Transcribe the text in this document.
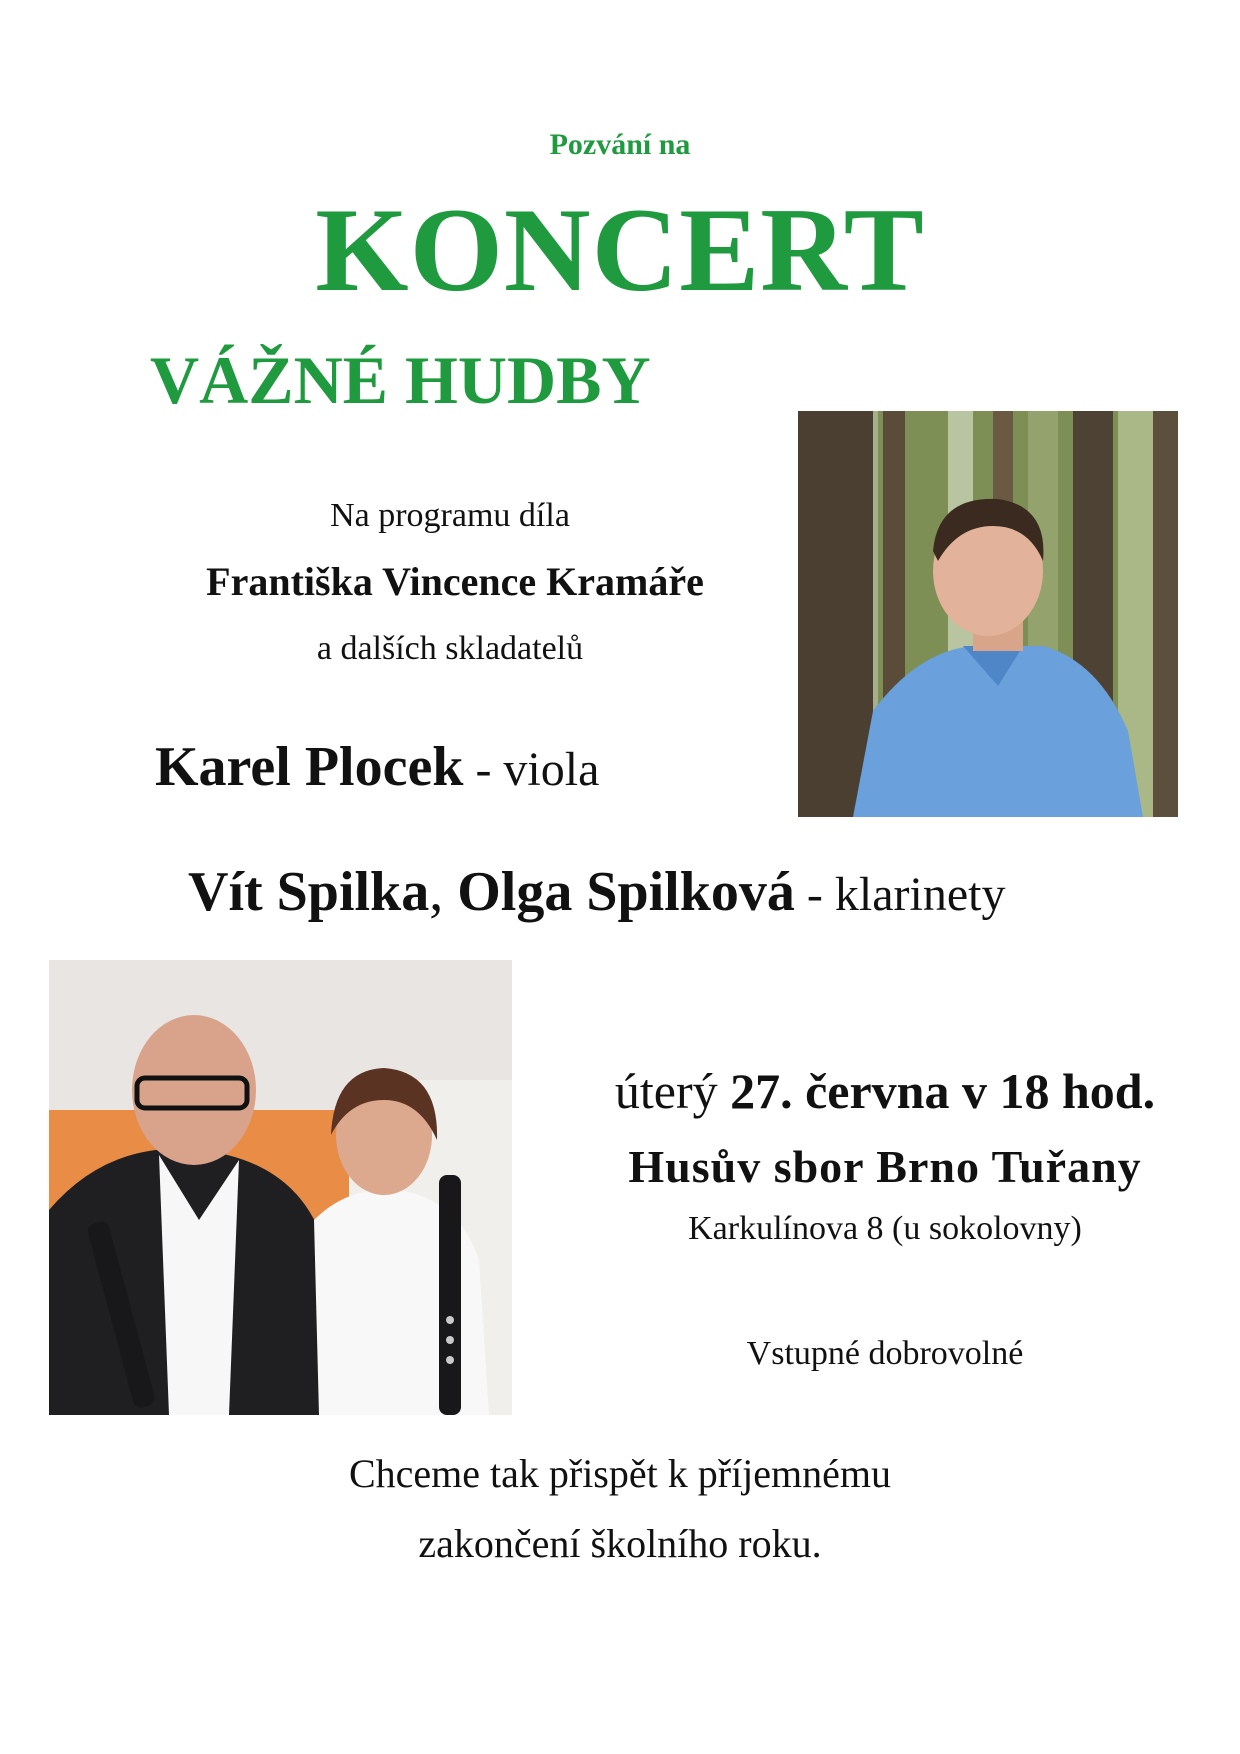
Pozvání na
KONCERT
VÁŽNÉ HUDBY
Na programu díla
Františka Vincence Kramáře
a dalších skladatelů
Karel Plocek - viola
Vít Spilka, Olga Spilková - klarinety
úterý 27. června v 18 hod.
Husův sbor Brno Tuřany
Karkulínova 8 (u sokolovny)
Vstupné dobrovolné
Chceme tak přispět k příjemnému
zakončení školního roku.
